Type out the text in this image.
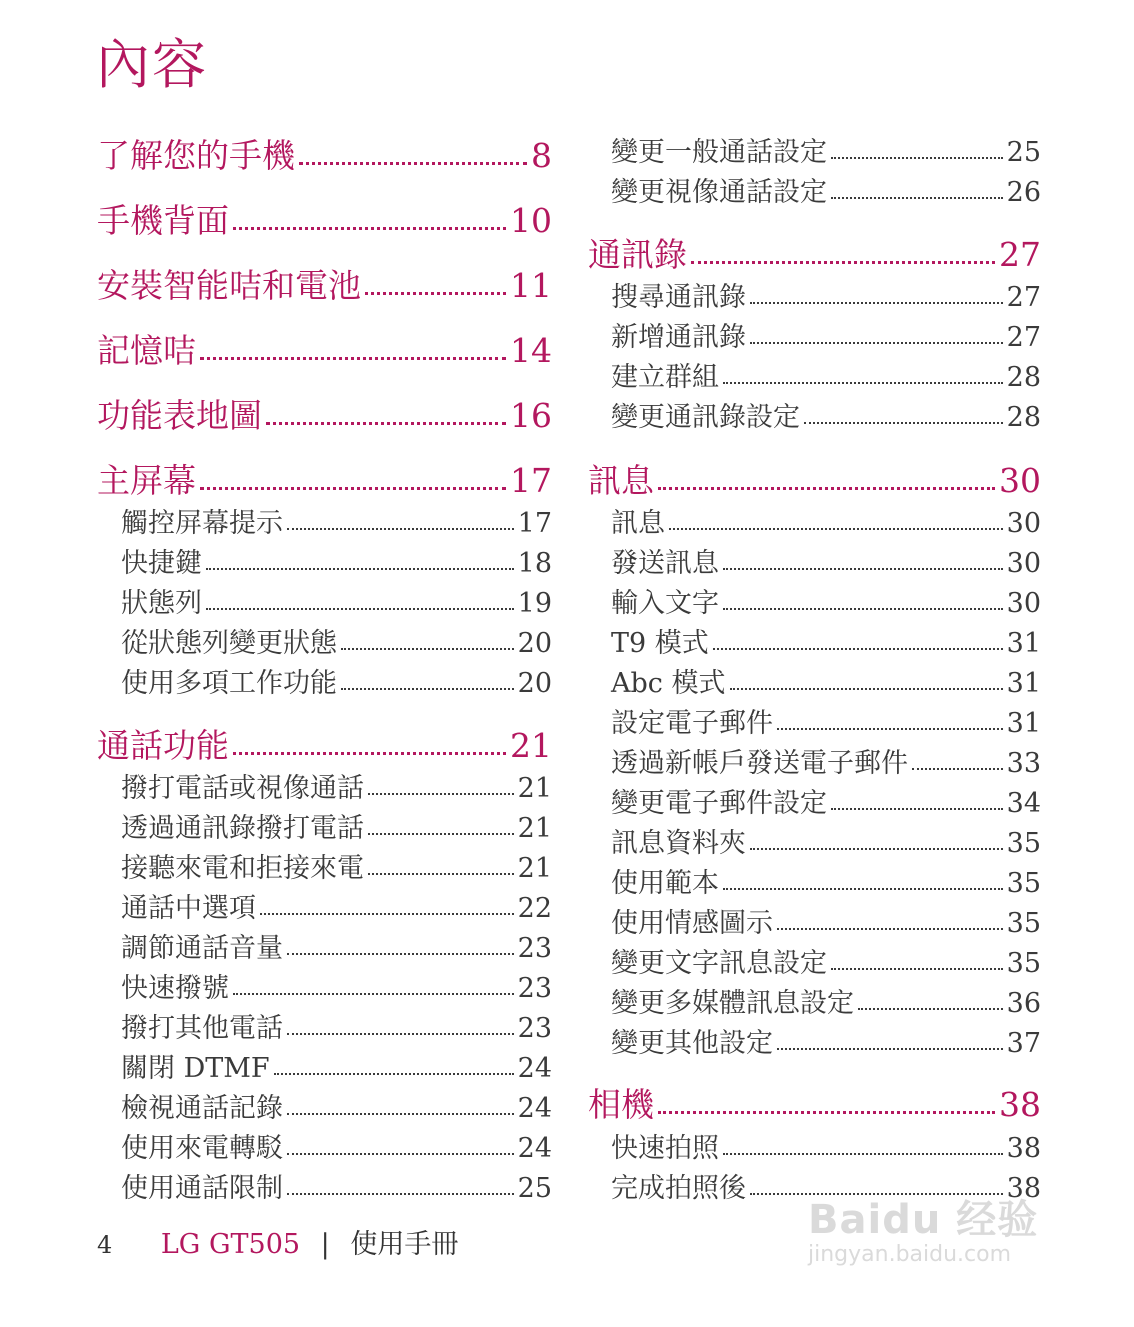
內容
了解您的手機	8
手機背面	10
安裝智能咭和電池	11
記憶咭	14
功能表地圖	16
主屏幕	17
觸控屏幕提示	17
快捷鍵	18
狀態列	19
從狀態列變更狀態	20
使用多項工作功能	20
通話功能	21
撥打電話或視像通話	21
透過通訊錄撥打電話	21
接聽來電和拒接來電	21
通話中選項	22
調節通話音量	23
快速撥號	23
撥打其他電話	23
關閉 DTMF	24
檢視通話記錄	24
使用來電轉駁	24
使用通話限制	25
變更一般通話設定	25
變更視像通話設定	26
通訊錄	27
搜尋通訊錄	27
新增通訊錄	27
建立群組	28
變更通訊錄設定	28
訊息	30
訊息	30
發送訊息	30
輸入文字	30
T9 模式	31
Abc 模式	31
設定電子郵件	31
透過新帳戶發送電子郵件	33
變更電子郵件設定	34
訊息資料夾	35
使用範本	35
使用情感圖示	35
變更文字訊息設定	35
變更多媒體訊息設定	36
變更其他設定	37
相機	38
快速拍照	38
完成拍照後	38
4 LG GT505 | 使用手冊
Baidu 经验
jingyan.baidu.com
